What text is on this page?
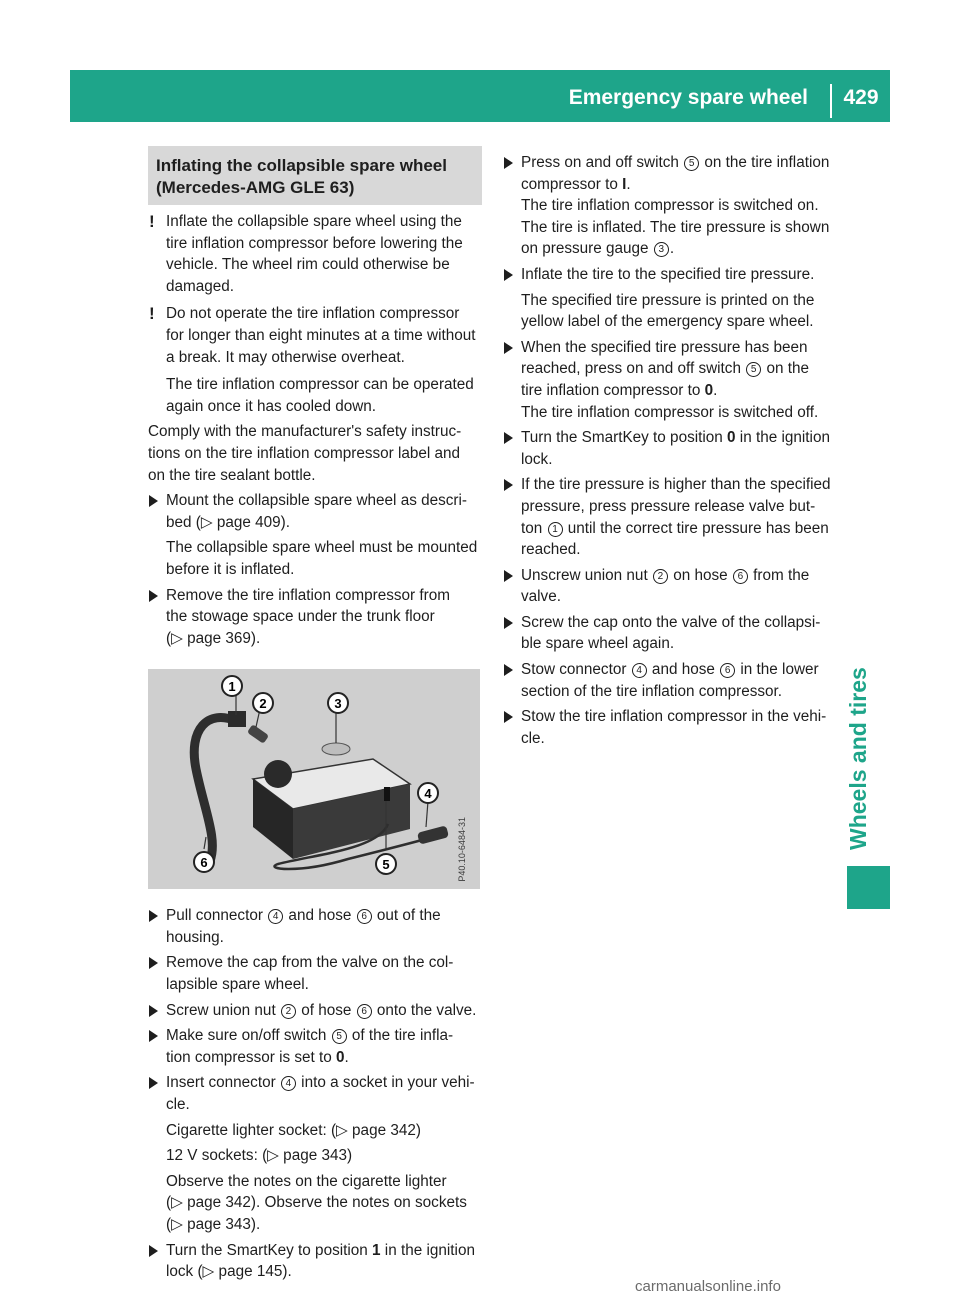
Emergency spare wheel	429
Wheels and tires
Inflating the collapsible spare wheel
(Mercedes-AMG GLE 63)
! Inflate the collapsible spare wheel using the
tire inflation compressor before lowering the
vehicle. The wheel rim could otherwise be
damaged.
! Do not operate the tire inflation compressor
for longer than eight minutes at a time without
a break. It may otherwise overheat.
The tire inflation compressor can be operated
again once it has cooled down.
Comply with the manufacturer's safety instruc-
tions on the tire inflation compressor label and
on the tire sealant bottle.
Mount the collapsible spare wheel as descri-
bed (▷ page 409).
The collapsible spare wheel must be mounted
before it is inflated.
Remove the tire inflation compressor from
the stowage space under the trunk floor
(▷ page 369).
1
2	3
4
5
6	P40.10-6484-31
Pull connector 4 and hose 6 out of the
housing.
Remove the cap from the valve on the col-
lapsible spare wheel.
Screw union nut 2 of hose 6 onto the valve.
Make sure on/off switch 5 of the tire infla-
tion compressor is set to 0.
Insert connector 4 into a socket in your vehi-
cle.
Cigarette lighter socket: (▷ page 342)
12 V sockets: (▷ page 343)
Observe the notes on the cigarette lighter
(▷ page 342). Observe the notes on sockets
(▷ page 343).
Turn the SmartKey to position 1 in the ignition
lock (▷ page 145).
Press on and off switch 5 on the tire inflation
compressor to I.
The tire inflation compressor is switched on.
The tire is inflated. The tire pressure is shown
on pressure gauge 3 .
Inflate the tire to the specified tire pressure.
The specified tire pressure is printed on the
yellow label of the emergency spare wheel.
When the specified tire pressure has been
reached, press on and off switch 5 on the
tire inflation compressor to 0.
The tire inflation compressor is switched off.
Turn the SmartKey to position 0 in the ignition
lock.
If the tire pressure is higher than the specified
pressure, press pressure release valve but-
ton 1 until the correct tire pressure has been
reached.
Unscrew union nut 2 on hose 6 from the
valve.
Screw the cap onto the valve of the collapsi-
ble spare wheel again.
Stow connector 4 and hose 6 in the lower
section of the tire inflation compressor.
Stow the tire inflation compressor in the vehi-
cle.
carmanualsonline.info
